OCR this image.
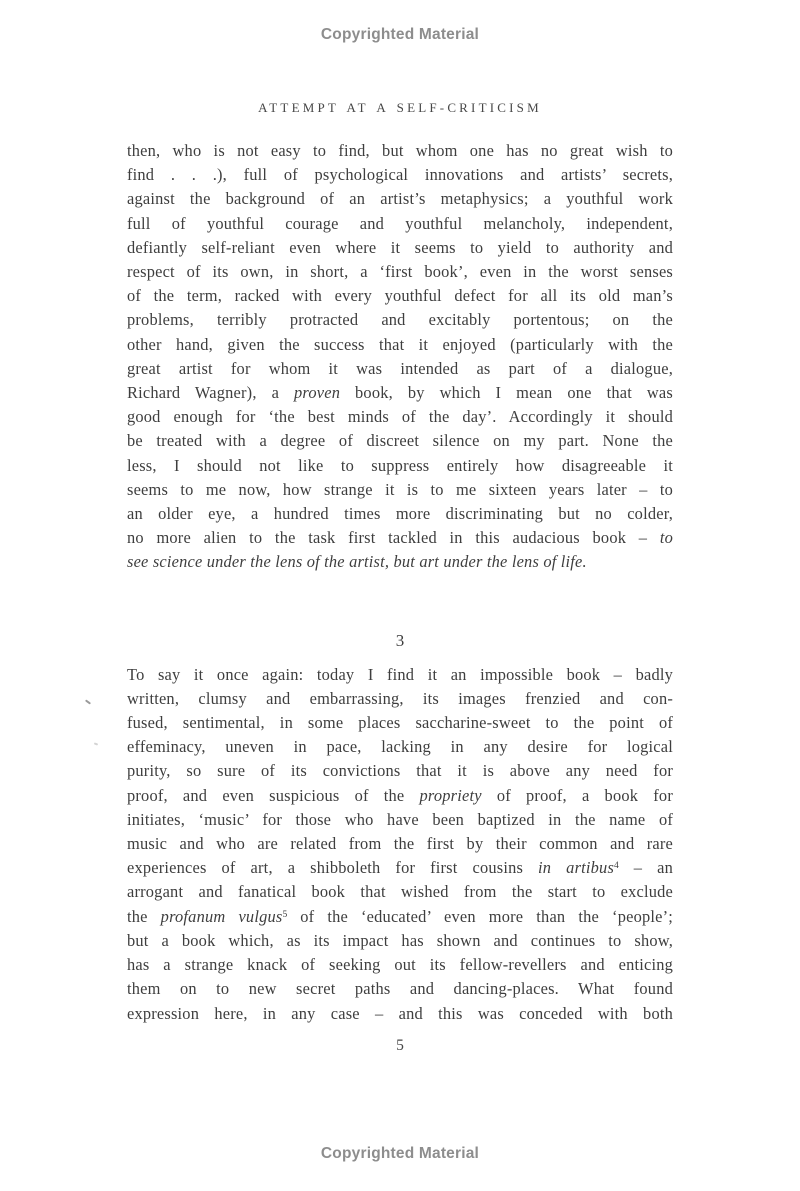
Copyrighted Material
ATTEMPT AT A SELF-CRITICISM
then, who is not easy to find, but whom one has no great wish to
find . . .), full of psychological innovations and artists’ secrets,
against the background of an artist’s metaphysics; a youthful work
full of youthful courage and youthful melancholy, independent,
defiantly self-reliant even where it seems to yield to authority and
respect of its own, in short, a ‘first book’, even in the worst senses
of the term, racked with every youthful defect for all its old man’s
problems, terribly protracted and excitably portentous; on the
other hand, given the success that it enjoyed (particularly with the
great artist for whom it was intended as part of a dialogue,
Richard Wagner), a proven book, by which I mean one that was
good enough for ‘the best minds of the day’. Accordingly it should
be treated with a degree of discreet silence on my part. None the
less, I should not like to suppress entirely how disagreeable it
seems to me now, how strange it is to me sixteen years later – to
an older eye, a hundred times more discriminating but no colder,
no more alien to the task first tackled in this audacious book – to
see science under the lens of the artist, but art under the lens of life.
3
To say it once again: today I find it an impossible book – badly
written, clumsy and embarrassing, its images frenzied and con-
fused, sentimental, in some places saccharine-sweet to the point of
effeminacy, uneven in pace, lacking in any desire for logical
purity, so sure of its convictions that it is above any need for
proof, and even suspicious of the propriety of proof, a book for
initiates, ‘music’ for those who have been baptized in the name of
music and who are related from the first by their common and rare
experiences of art, a shibboleth for first cousins in artibus$^4$ – an
arrogant and fanatical book that wished from the start to exclude
the profanum vulgus$^5$ of the ‘educated’ even more than the ‘people’;
but a book which, as its impact has shown and continues to show,
has a strange knack of seeking out its fellow-revellers and enticing
them on to new secret paths and dancing-places. What found
expression here, in any case – and this was conceded with both
5
Copyrighted Material
